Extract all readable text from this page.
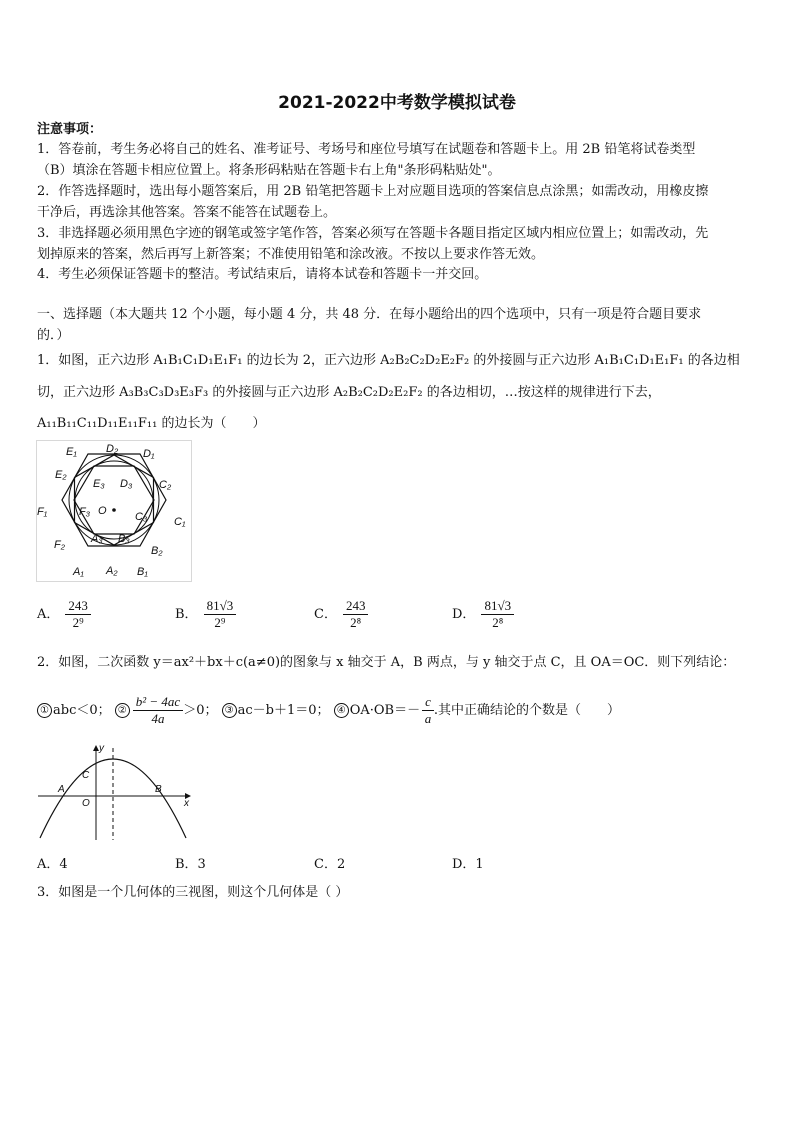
2021-2022中考数学模拟试卷
注意事项：
1．答卷前，考生务必将自己的姓名、准考证号、考场号和座位号填写在试题卷和答题卡上。用 2B 铅笔将试卷类型
（B）填涂在答题卡相应位置上。将条形码粘贴在答题卡右上角"条形码粘贴处"。
2．作答选择题时，选出每小题答案后，用 2B 铅笔把答题卡上对应题目选项的答案信息点涂黑；如需改动，用橡皮擦
干净后，再选涂其他答案。答案不能答在试题卷上。
3．非选择题必须用黑色字迹的钢笔或签字笔作答，答案必须写在答题卡各题目指定区域内相应位置上；如需改动，先
划掉原来的答案，然后再写上新答案；不准使用铅笔和涂改液。不按以上要求作答无效。
4．考生必须保证答题卡的整洁。考试结束后，请将本试卷和答题卡一并交回。
一、选择题（本大题共 12 个小题，每小题 4 分，共 48 分．在每小题给出的四个选项中，只有一项是符合题目要求
的．）
1．如图，正六边形 A₁B₁C₁D₁E₁F₁ 的边长为 2，正六边形 A₂B₂C₂D₂E₂F₂ 的外接圆与正六边形 A₁B₁C₁D₁E₁F₁ 的各边相
切，正六边形 A₃B₃C₃D₃E₃F₃ 的外接圆与正六边形 A₂B₂C₂D₂E₂F₂ 的各边相切，…按这样的规律进行下去，
A₁₁B₁₁C₁₁D₁₁E₁₁F₁₁ 的边长为（　　）
D₂ D₁
E₁
E₂
E₃ D₃ C₂
F₁	F₃ O	C₃ C₁
F₂ A₃ B₃
B₂
A₁ A₂ B₁
A． $\frac{243}{\text{2⁹}}$	B． $\frac{81√3}{\text{2⁹}}$	C． $\frac{243}{\text{2⁸}}$	D． $\frac{81√3}{\text{2⁸}}$
2．如图，二次函数 y＝ax²＋bx＋c(a≠0)的图象与 x 轴交于 A，B 两点，与 y 轴交于点 C，且 OA＝OC．则下列结论：
① abc＜0； ② $\frac{\text{b² − 4ac}}{4a} >0$； ③ ac－b＋1＝0； ④ $OA\cdot OB=- \frac{c}{a}$ .其中正确结论的个数是（　　）
y
x
C
A
O
B
A．4	B．3	C．2	D．1
3．如图是一个几何体的三视图，则这个几何体是（ ）
